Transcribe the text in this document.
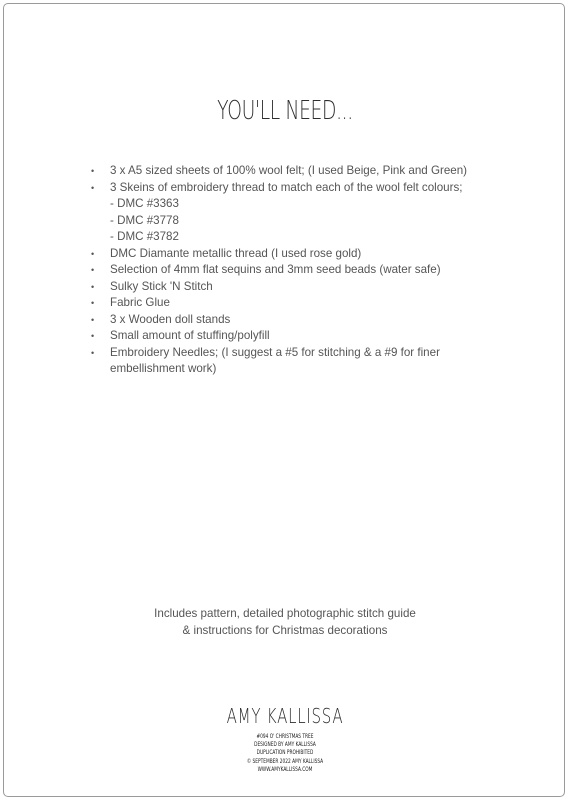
YOU'LL NEED...
• 3 x A5 sized sheets of 100% wool felt; (I used Beige, Pink and Green)
• 3 Skeins of embroidery thread to match each of the wool felt colours;
- DMC #3363
- DMC #3778
- DMC #3782
• DMC Diamante metallic thread (I used rose gold)
• Selection of 4mm flat sequins and 3mm seed beads (water safe)
• Sulky Stick 'N Stitch
• Fabric Glue
• 3 x Wooden doll stands
• Small amount of stuffing/polyfill
• Embroidery Needles; (I suggest a #5 for stitching & a #9 for finer
embellishment work)
Includes pattern, detailed photographic stitch guide
& instructions for Christmas decorations
AMY KALLISSA
#094 O' CHRISTMAS TREE
DESIGNED BY AMY KALLISSA
DUPLICATION PROHIBITED
© SEPTEMBER 2022 AMY KALLISSA
WWW.AMYKALLISSA.COM
